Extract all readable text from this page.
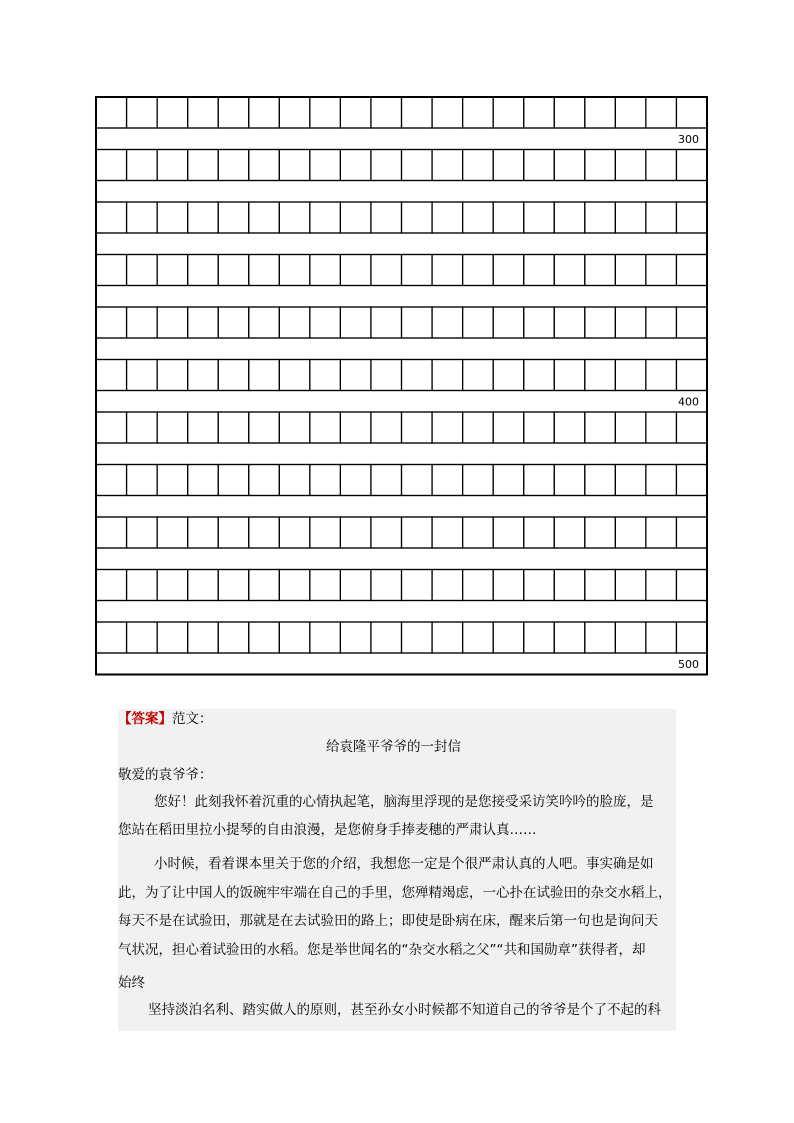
300
400
500
【答案】范文：
给袁隆平爷爷的一封信
敬爱的袁爷爷：
您好！此刻我怀着沉重的心情执起笔，脑海里浮现的是您接受采访笑吟吟的脸庞，是
您站在稻田里拉小提琴的自由浪漫，是您俯身手捧麦穗的严肃认真……
小时候，看着课本里关于您的介绍，我想您一定是个很严肃认真的人吧。事实确是如
此，为了让中国人的饭碗牢牢端在自己的手里，您殚精竭虑，一心扑在试验田的杂交水稻上，
每天不是在试验田，那就是在去试验田的路上；即使是卧病在床，醒来后第一句也是询问天
气状况，担心着试验田的水稻。您是举世闻名的“杂交水稻之父”“共和国勋章”获得者，却
始终
坚持淡泊名利、踏实做人的原则，甚至孙女小时候都不知道自己的爷爷是个了不起的科
